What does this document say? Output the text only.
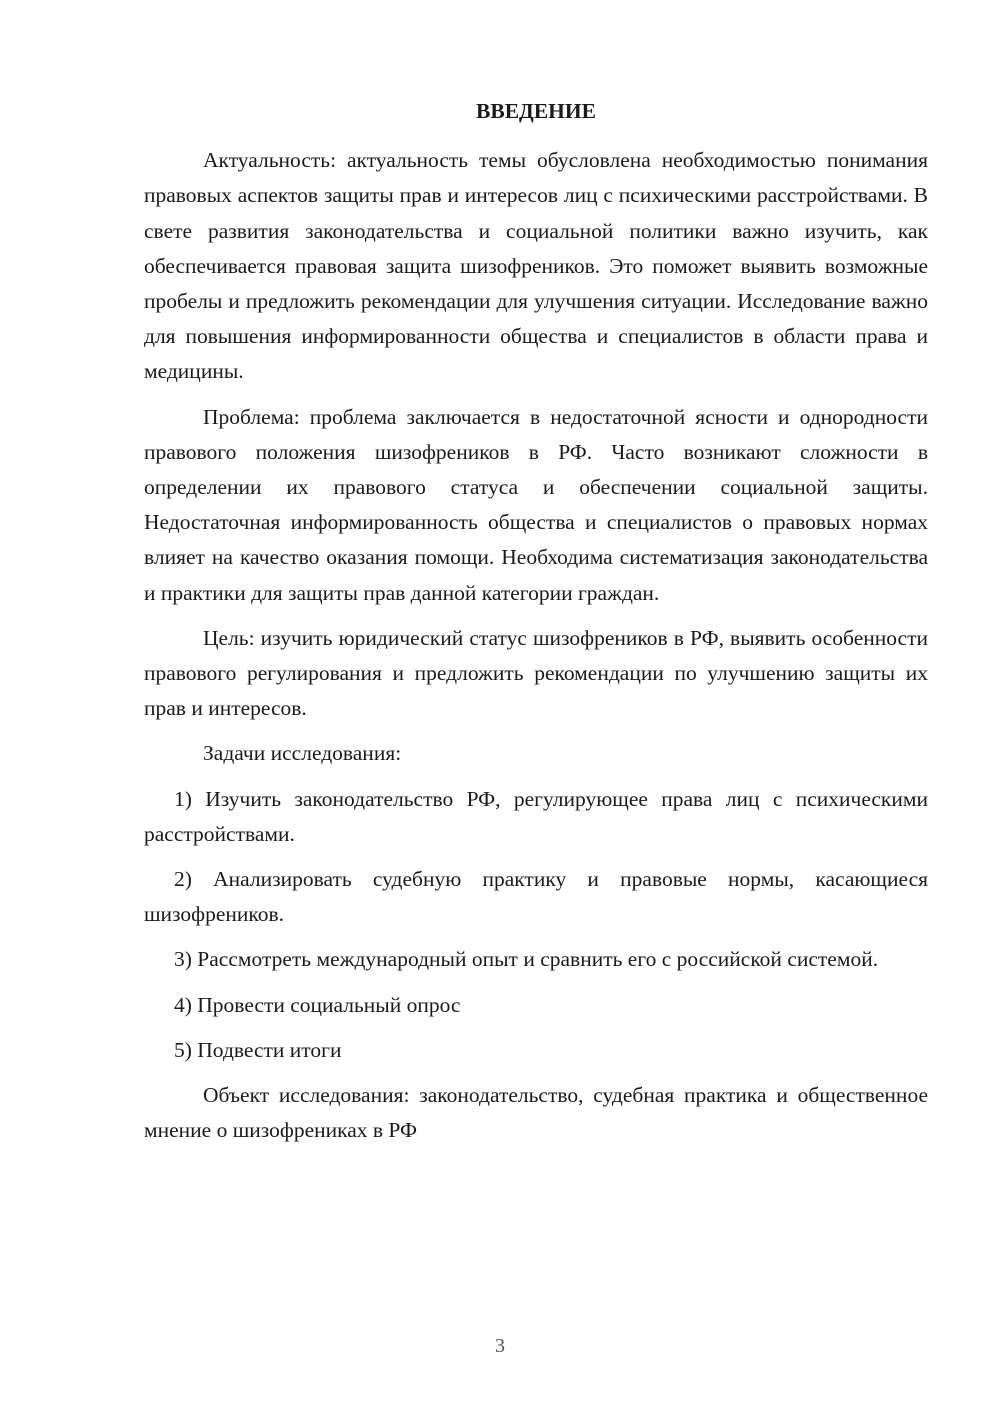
ВВЕДЕНИЕ

Актуальность: актуальность темы обусловлена необходимостью понимания правовых аспектов защиты прав и интересов лиц с психическими расстройствами. В свете развития законодательства и социальной политики важно изучить, как обеспечивается правовая защита шизофреников. Это поможет выявить возможные пробелы и предложить рекомендации для улучшения ситуации. Исследование важно для повышения информированности общества и специалистов в области права и медицины.

Проблема: проблема заключается в недостаточной ясности и однородности правового положения шизофреников в РФ. Часто возникают сложности в определении их правового статуса и обеспечении социальной защиты. Недостаточная информированность общества и специалистов о правовых нормах влияет на качество оказания помощи. Необходима систематизация законодательства и практики для защиты прав данной категории граждан.

Цель: изучить юридический статус шизофреников в РФ, выявить особенности правового регулирования и предложить рекомендации по улучшению защиты их прав и интересов.

Задачи исследования:

1) Изучить законодательство РФ, регулирующее права лиц с психическими расстройствами.

2) Анализировать судебную практику и правовые нормы, касающиеся шизофреников.

3) Рассмотреть международный опыт и сравнить его с российской системой.

4) Провести социальный опрос

5) Подвести итоги

Объект исследования: законодательство, судебная практика и общественное мнение о шизофрениках в РФ

3
